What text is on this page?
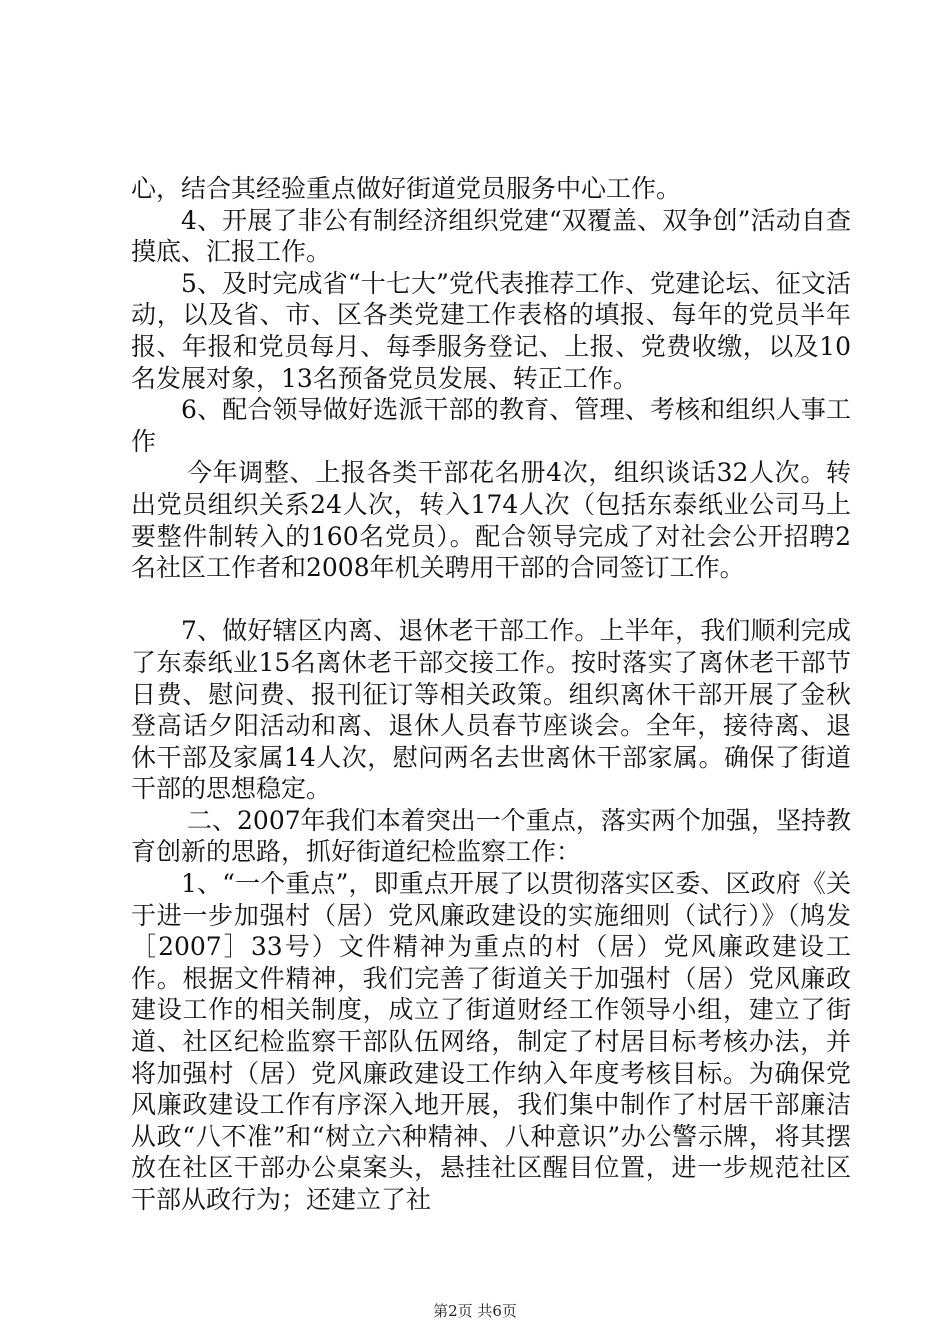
心，结合其经验重点做好街道党员服务中心工作。

4、开展了非公有制经济组织党建“双覆盖、双争创”活动自查摸底、汇报工作。

5、及时完成省“十七大”党代表推荐工作、党建论坛、征文活动，以及省、市、区各类党建工作表格的填报、每年的党员半年报、年报和党员每月、每季服务登记、上报、党费收缴，以及10名发展对象，13名预备党员发展、转正工作。

6、配合领导做好选派干部的教育、管理、考核和组织人事工作

今年调整、上报各类干部花名册4次，组织谈话32人次。转出党员组织关系24人次，转入174人次（包括东泰纸业公司马上要整件制转入的160名党员）。配合领导完成了对社会公开招聘2名社区工作者和2008年机关聘用干部的合同签订工作。

7、做好辖区内离、退休老干部工作。上半年，我们顺利完成了东泰纸业15名离休老干部交接工作。按时落实了离休老干部节日费、慰问费、报刊征订等相关政策。组织离休干部开展了金秋登高话夕阳活动和离、退休人员春节座谈会。全年，接待离、退休干部及家属14人次，慰问两名去世离休干部家属。确保了街道干部的思想稳定。

二、2007年我们本着突出一个重点，落实两个加强，坚持教育创新的思路，抓好街道纪检监察工作：

1、“一个重点”，即重点开展了以贯彻落实区委、区政府《关于进一步加强村（居）党风廉政建设的实施细则（试行）》（鸠发［2007］33号）文件精神为重点的村（居）党风廉政建设工作。根据文件精神，我们完善了街道关于加强村（居）党风廉政建设工作的相关制度，成立了街道财经工作领导小组，建立了街道、社区纪检监察干部队伍网络，制定了村居目标考核办法，并将加强村（居）党风廉政建设工作纳入年度考核目标。为确保党风廉政建设工作有序深入地开展，我们集中制作了村居干部廉洁从政“八不准”和“树立六种精神、八种意识”办公警示牌，将其摆放在社区干部办公桌案头，悬挂社区醒目位置，进一步规范社区干部从政行为；还建立了社

第2页 共6页
